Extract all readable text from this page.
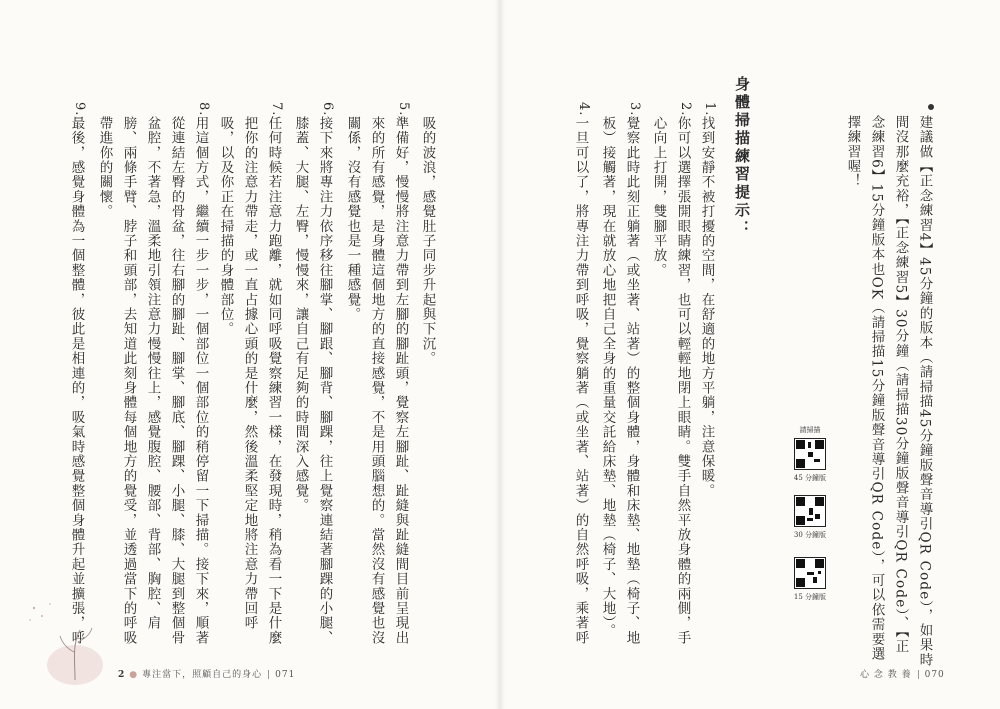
建議做【正念練習4】45分鐘的版本（請掃描45分鐘版聲音導引QR Code），如果時
間沒那麼充裕，【正念練習5】30分鐘（請掃描30分鐘版聲音導引QR Code）、【正
念練習6】15分鐘版本也OK（請掃描15分鐘版聲音導引QR Code），可以依需要選
擇練習喔！
請掃描
45 分鐘版
30 分鐘版
15 分鐘版
身體掃描練習提示：
1.
找到安靜不被打擾的空間，在舒適的地方平躺，注意保暖。
2.
你可以選擇張開眼睛練習，也可以輕輕地閉上眼睛。雙手自然平放身體的兩側，手
心向上打開，雙腳平放。
3.
覺察此時此刻正躺著（或坐著、站著）的整個身體，身體和床墊、地墊（椅子、地
板）接觸著，現在就放心地把自己全身的重量交託給床墊、地墊（椅子、大地）。
4.
一旦可以了，將專注力帶到呼吸，覺察躺著（或坐著、站著）的自然呼吸，乘著呼
心 念 教 養 070
吸的波浪，感覺肚子同步升起與下沉。
5.
準備好，慢慢將注意力帶到左腳的腳趾頭，覺察左腳趾、趾縫與趾縫間目前呈現出
來的所有感覺，是身體這個地方的直接感覺，不是用頭腦想的。當然沒有感覺也沒
關係，沒有感覺也是一種感覺。
6.
接下來將專注力依序移往腳掌、腳跟、腳背、腳踝，往上覺察連結著腳踝的小腿、
膝蓋、大腿、左臀，慢慢來，讓自己有足夠的時間深入感覺。
7.
任何時候若注意力跑離，就如同呼吸覺察練習一樣，在發現時，稍為看一下是什麼
把你的注意力帶走，或一直占據心頭的是什麼，然後溫柔堅定地將注意力帶回呼
吸，以及你正在掃描的身體部位。
8.
用這個方式，繼續一步一步，一個部位一個部位的稍停留一下掃描。接下來，順著
從連結左臀的骨盆，往右腳的腳趾、腳掌、腳底、腳踝、小腿、膝、大腿到整個骨
盆腔，不著急，溫柔地引領注意力慢慢往上，感覺腹腔、腰部、背部、胸腔、肩
膀、兩條手臂、脖子和頭部，去知道此刻身體每個地方的覺受，並透過當下的呼吸
帶進你的關懷。
9.
最後，感覺身體為一個整體，彼此是相連的，吸氣時感覺整個身體升起並擴張，呼
2 ● 專注當下，照顧自己的身心 071
